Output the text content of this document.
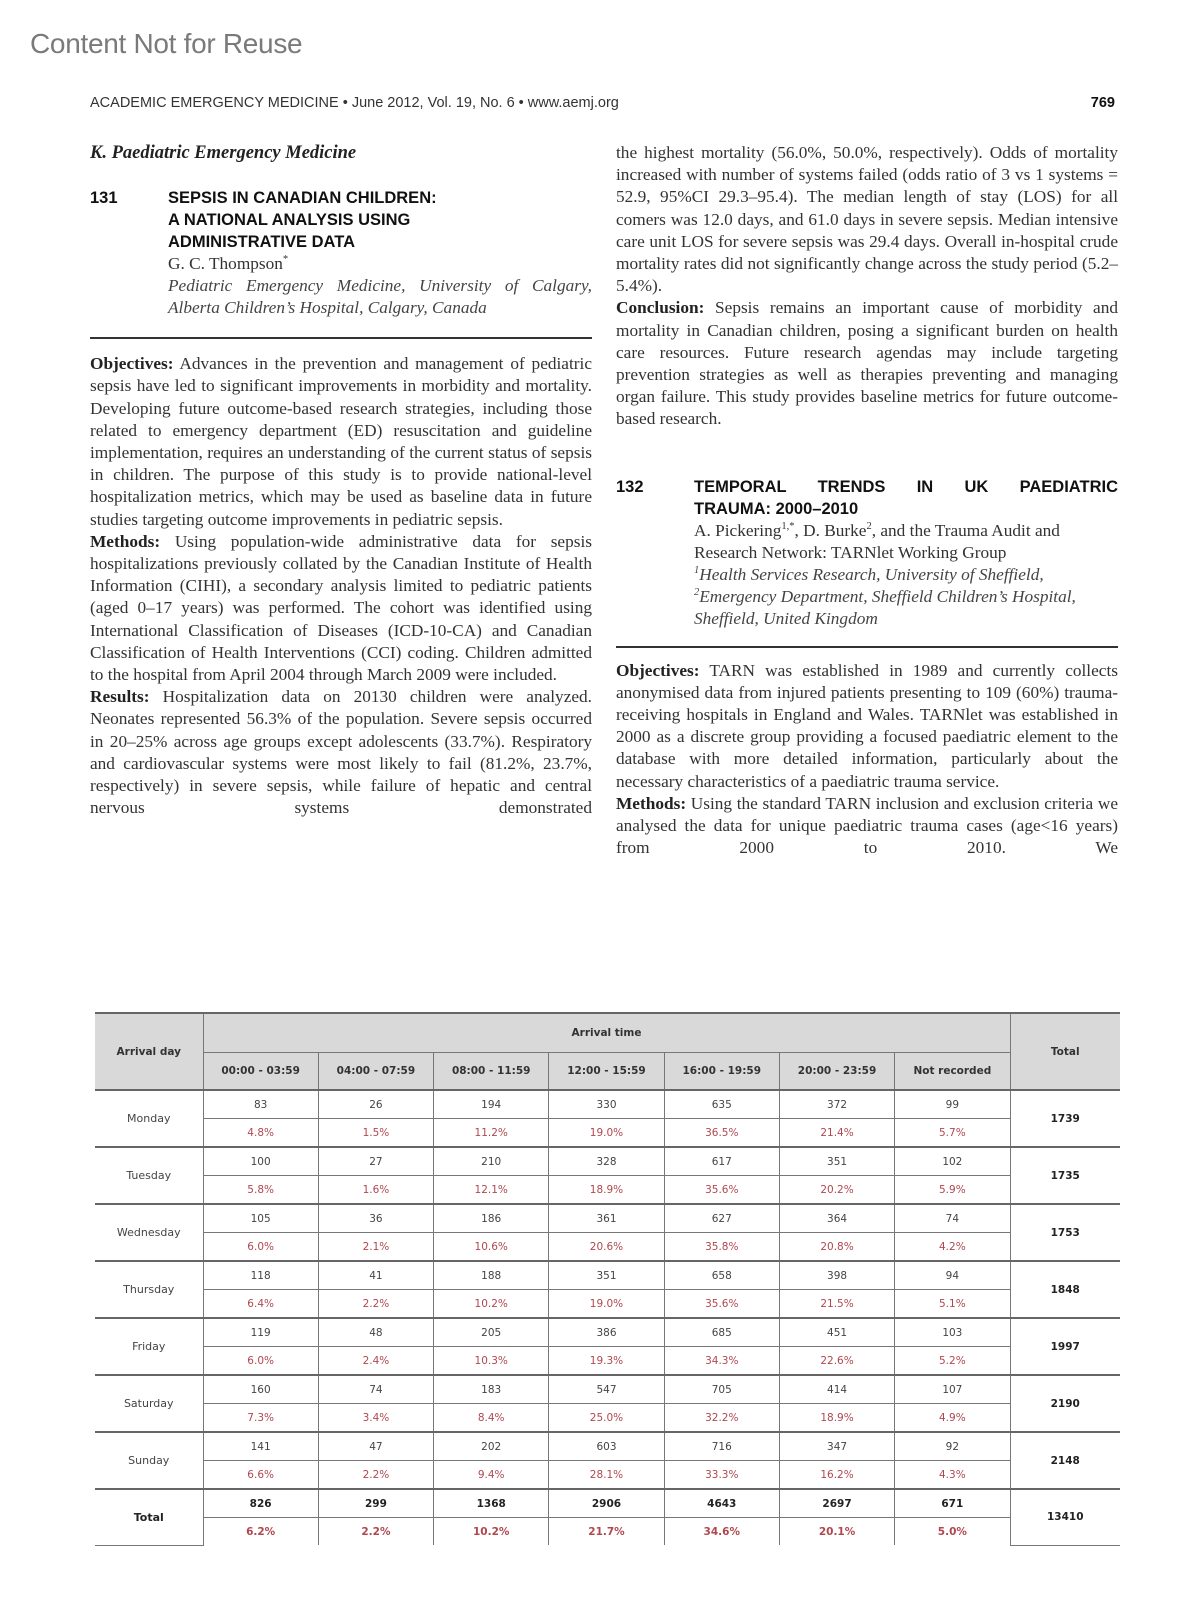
Content Not for Reuse
ACADEMIC EMERGENCY MEDICINE • June 2012, Vol. 19, No. 6 • www.aemj.org	769
K. Paediatric Emergency Medicine
131	SEPSIS IN CANADIAN CHILDREN:
A NATIONAL ANALYSIS USING
ADMINISTRATIVE DATA
G. C. Thompson*
Pediatric Emergency Medicine, University of Calgary, Alberta Children’s Hospital, Calgary, Canada

Objectives: Advances in the prevention and management of pediatric sepsis have led to significant improvements in morbidity and mortality. Developing future outcome-based research strategies, including those related to emergency department (ED) resuscitation and guideline implementation, requires an understanding of the current status of sepsis in children. The purpose of this study is to provide national-level hospitalization metrics, which may be used as baseline data in future studies targeting outcome improvements in pediatric sepsis.

Methods: Using population-wide administrative data for sepsis hospitalizations previously collated by the Canadian Institute of Health Information (CIHI), a secondary analysis limited to pediatric patients (aged 0–17 years) was performed. The cohort was identified using International Classification of Diseases (ICD-10-CA) and Canadian Classification of Health Interventions (CCI) coding. Children admitted to the hospital from April 2004 through March 2009 were included.

Results: Hospitalization data on 20130 children were analyzed. Neonates represented 56.3% of the population. Severe sepsis occurred in 20–25% across age groups except adolescents (33.7%). Respiratory and cardiovascular systems were most likely to fail (81.2%, 23.7%, respectively) in severe sepsis, while failure of hepatic and central nervous systems demonstrated

the highest mortality (56.0%, 50.0%, respectively). Odds of mortality increased with number of systems failed (odds ratio of 3 vs 1 systems = 52.9, 95%CI 29.3–95.4). The median length of stay (LOS) for all comers was 12.0 days, and 61.0 days in severe sepsis. Median intensive care unit LOS for severe sepsis was 29.4 days. Overall in-hospital crude mortality rates did not significantly change across the study period (5.2–5.4%).

Conclusion: Sepsis remains an important cause of morbidity and mortality in Canadian children, posing a significant burden on health care resources. Future research agendas may include targeting prevention strategies as well as therapies preventing and managing organ failure. This study provides baseline metrics for future outcome-based research.

132	TEMPORAL TRENDS IN UK PAEDIATRIC
TRAUMA: 2000–2010
A. Pickering$^{1,*}$, D. Burke$^2$, and the Trauma Audit and Research Network: TARNlet Working Group
$^1$Health Services Research, University of Sheffield, $^2$Emergency Department, Sheffield Children’s Hospital, Sheffield, United Kingdom

Objectives: TARN was established in 1989 and currently collects anonymised data from injured patients presenting to 109 (60%) trauma-receiving hospitals in England and Wales. TARNlet was established in 2000 as a discrete group providing a focused paediatric element to the database with more detailed information, particularly about the necessary characteristics of a paediatric trauma service.

Methods: Using the standard TARN inclusion and exclusion criteria we analysed the data for unique paediatric trauma cases (age<16 years) from 2000 to 2010. We

Arrival day	Arrival time							Total
	00:00 - 03:59	04:00 - 07:59	08:00 - 11:59	12:00 - 15:59	16:00 - 19:59	20:00 - 23:59	Not recorded	
Monday	83	26	194	330	635	372	99	1739
	4.8%	1.5%	11.2%	19.0%	36.5%	21.4%	5.7%	
Tuesday	100	27	210	328	617	351	102	1735
	5.8%	1.6%	12.1%	18.9%	35.6%	20.2%	5.9%	
Wednesday	105	36	186	361	627	364	74	1753
	6.0%	2.1%	10.6%	20.6%	35.8%	20.8%	4.2%	
Thursday	118	41	188	351	658	398	94	1848
	6.4%	2.2%	10.2%	19.0%	35.6%	21.5%	5.1%	
Friday	119	48	205	386	685	451	103	1997
	6.0%	2.4%	10.3%	19.3%	34.3%	22.6%	5.2%	
Saturday	160	74	183	547	705	414	107	2190
	7.3%	3.4%	8.4%	25.0%	32.2%	18.9%	4.9%	
Sunday	141	47	202	603	716	347	92	2148
	6.6%	2.2%	9.4%	28.1%	33.3%	16.2%	4.3%	
Total	826	299	1368	2906	4643	2697	671	13410
	6.2%	2.2%	10.2%	21.7%	34.6%	20.1%	5.0%	
